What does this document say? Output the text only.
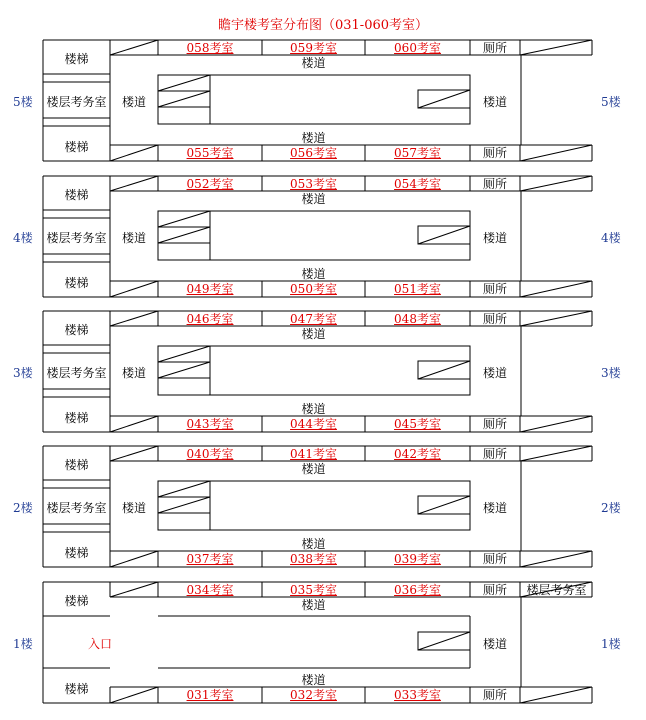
瞻宇楼考室分布图（031-060考室）
5楼	5楼
楼梯
楼梯
楼层考务室	楼道	楼道
楼道
楼道
厕所
厕所
058考室
055考室
059考室
056考室
060考室
057考室
4楼	4楼
楼梯
楼梯
楼层考务室	楼道	楼道
楼道
楼道
厕所
厕所
052考室
049考室
053考室
050考室
054考室
051考室
3楼	3楼
楼梯
楼梯
楼层考务室	楼道	楼道
楼道
楼道
厕所
厕所
046考室
043考室
047考室
044考室
048考室
045考室
2楼	2楼
楼梯
楼梯
楼层考务室	楼道	楼道
楼道
楼道
厕所
厕所
040考室
037考室
041考室
038考室
042考室
039考室
1楼	1楼
楼梯
楼梯
入口
楼层考务室
楼道
楼道
楼道
厕所
厕所
034考室
031考室
035考室
032考室
036考室
033考室
